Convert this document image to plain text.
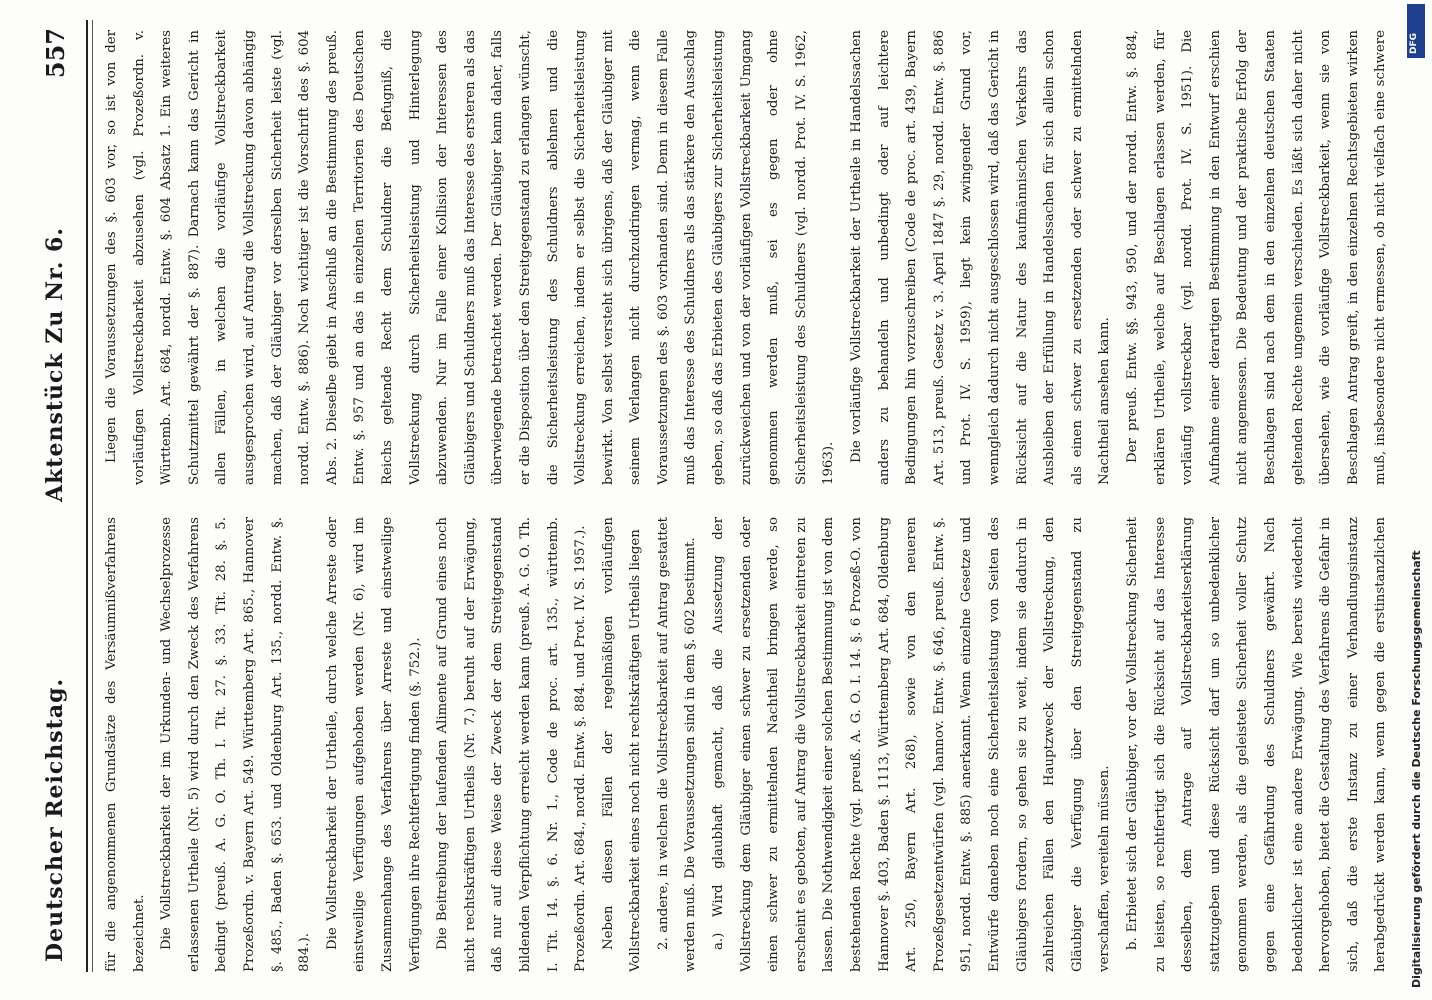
Deutscher Reichstag.
Aktenstück Zu Nr. 6.
557

für die angenommenen Grundsätze des Versäumnißverfahrens bezeichnet. Die Vollstreckbarkeit der im Urkunden- und Wechselprozesse erlassenen Urtheile (Nr. 5) wird durch den Zweck des Verfahrens bedingt (preuß. A. G. O. Th. I. Tit. 27. §. 33. Tit. 28. §. 5. Prozeßordn. v. Bayern Art. 549. Württemberg Art. 865., Hannover §. 485., Baden §. 653. und Oldenburg Art. 135., nordd. Entw. §. 884.).

Die Vollstreckbarkeit der Urtheile, durch welche Arreste oder einstweilige Verfügungen aufgehoben werden (Nr. 6), wird im Zusammenhange des Verfahrens über Arreste und einstweilige Verfügungen ihre Rechtfertigung finden (§. 752.). Die Beitreibung der laufenden Alimente auf Grund eines noch nicht rechtskräftigen Urtheils (Nr. 7.) beruht auf der Erwägung, daß nur auf diese Weise der Zweck der dem Streitgegenstand bildenden Verpflichtung erreicht werden kann (preuß. A. G. O. Th. I. Tit. 14. §. 6. Nr. 1., Code de proc. art. 135., württemb. Prozeßordn. Art. 684., nordd. Entw. §. 884. und Prot. IV. S. 1957.). Neben diesen Fällen der regelmäßigen vorläufigen Vollstreckbarkeit eines noch nicht rechtskräftigen Urtheils liegen 2. andere, in welchen die Vollstreckbarkeit auf Antrag gestattet werden muß. Die Voraussetzungen sind in dem §. 602 bestimmt. a.) Wird glaubhaft gemacht, daß die Aussetzung der Vollstreckung dem Gläubiger einen schwer zu ersetzenden oder einen schwer zu ermittelnden Nachtheil bringen werde, so erscheint es geboten, auf Antrag die Vollstreckbarkeit eintreten zu lassen. Die Nothwendigkeit einer solchen Bestimmung ist von dem bestehenden Rechte (vgl. preuß. A. G. O. I. 14. §. 6 Prozeß-O. von Hannover §. 403, Baden §. 1113, Württemberg Art. 684, Oldenburg Art. 250, Bayern Art. 268), sowie von den neueren Prozeßgesetzentwürfen (vgl. hannov. Entw. §. 646, preuß. Entw. §. 951, nordd. Entw. §. 885) anerkannt. Wenn einzelne Gesetze und Entwürfe daneben noch eine Sicherheitsleistung von Seiten des Gläubigers fordern, so gehen sie zu weit, indem sie dadurch in zahlreichen Fällen den Hauptzweck der Vollstreckung, den Gläubiger die Verfügung über den Streitgegenstand zu verschaffen, vereiteln müssen. b. Erbietet sich der Gläubiger, vor der Vollstreckung Sicherheit zu leisten, so rechtfertigt sich die Rücksicht auf das Interesse desselben, dem Antrage auf Vollstreckbarkeitserklärung stattzugeben und diese Rücksicht darf um so unbedenklicher genommen werden, als die geleistete Sicherheit voller Schutz gegen eine Gefährdung des Schuldners gewährt. Nach bedenklicher ist eine andere Erwägung. Wie bereits wiederholt hervorgehoben, bietet die Gestaltung des Verfahrens die Gefahr in sich, daß die erste Instanz zu einer Verhandlungsinstanz herabgedrückt werden kann, wenn gegen die erstinstanzlichen

Liegen die Voraussetzungen des §. 603 vor, so ist von der vorläufigen Vollstreckbarkeit abzusehen (vgl. Prozeßordn. v. Württemb. Art. 684, nordd. Entw. §. 604 Absatz 1. Ein weiteres Schutzmittel gewährt der §. 887). Darnach kann das Gericht in allen Fällen, in welchen die vorläufige Vollstreckbarkeit ausgesprochen wird, auf Antrag die Vollstreckung davon abhängig machen, daß der Gläubiger vor derselben Sicherheit leiste (vgl. nordd. Entw. §. 886). Noch wichtiger ist die Vorschrift des §. 604 Abs. 2. Dieselbe giebt in Anschluß an die Bestimmung des preuß. Entw. §. 957 und an das in einzelnen Territorien des Deutschen Reichs geltende Recht dem Schuldner die Befugniß, die Vollstreckung durch Sicherheitsleistung und Hinterlegung abzuwenden. Nur im Falle einer Kollision der Interessen des Gläubigers und Schuldners muß das Interesse des ersteren als das überwiegende betrachtet werden. Der Gläubiger kann daher, falls er die Disposition über den Streitgegenstand zu erlangen wünscht, die Sicherheitsleistung des Schuldners ablehnen und die Vollstreckung erreichen, indem er selbst die Sicherheitsleistung bewirkt. Von selbst versteht sich übrigens, daß der Gläubiger mit seinem Verlangen nicht durchzudringen vermag, wenn die Voraussetzungen des §. 603 vorhanden sind. Denn in diesem Falle muß das Interesse des Schuldners als das stärkere den Ausschlag geben, so daß das Erbieten des Gläubigers zur Sicherheitsleistung zurückweichen und von der vorläufigen Vollstreckbarkeit Umgang genommen werden muß, sei es gegen oder ohne Sicherheitsleistung des Schuldners (vgl. nordd. Prot. IV. S. 1962, 1963).

Die vorläufige Vollstreckbarkeit der Urtheile in Handelssachen anders zu behandeln und unbedingt oder auf leichtere Bedingungen hin vorzuschreiben (Code de proc. art. 439, Bayern Art. 513, preuß. Gesetz v. 3. April 1847 §. 29, nordd. Entw. §. 886 und Prot. IV. S. 1959), liegt kein zwingender Grund vor, wenngleich dadurch nicht ausgeschlossen wird, daß das Gericht in Rücksicht auf die Natur des kaufmännischen Verkehrs das Ausbleiben der Erfüllung in Handelssachen für sich allein schon als einen schwer zu ersetzenden oder schwer zu ermittelnden Nachtheil ansehen kann. Der preuß. Entw. §§. 943, 950, und der nordd. Entw. §. 884, erklären Urtheile, welche auf Beschlagen erlassen werden, für vorläufig vollstreckbar (vgl. nordd. Prot. IV. S. 1951). Die Aufnahme einer derartigen Bestimmung in den Entwurf erschien nicht angemessen. Die Bedeutung und der praktische Erfolg der Beschlagen sind nach dem in den einzelnen deutschen Staaten geltenden Rechte ungemein verschieden. Es läßt sich daher nicht übersehen, wie die vorläufige Vollstreckbarkeit, wenn sie von Beschlagen Antrag greift, in den einzelnen Rechtsgebieten wirken muß, insbesondere nicht ermessen, ob nicht vielfach eine schwere	DFG
Digitalisierung gefördert durch die Deutsche Forschungsgemeinschaft
